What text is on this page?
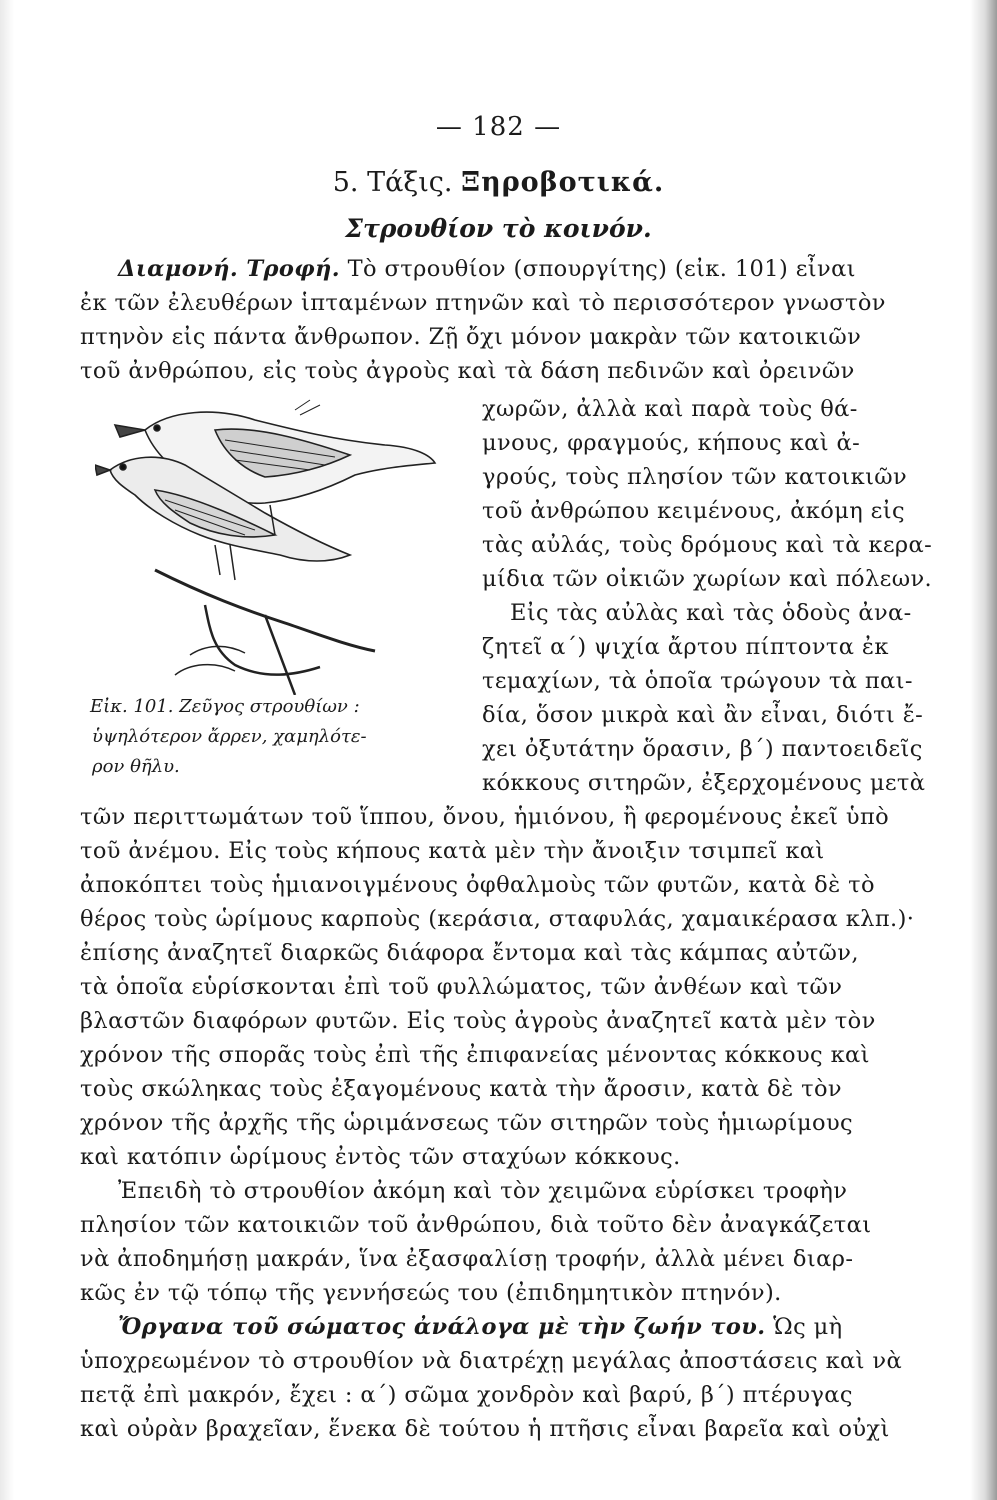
— 182 —
5. Τάξις. Ξηροβοτικά.
Στρουθίον τὸ κοινόν.
Διαμονή. Τροφή. Τὸ στρουθίον (σπουργίτης) (εἰκ. 101) εἶναι
ἐκ τῶν ἐλευθέρων ἱπταμένων πτηνῶν καὶ τὸ περισσότερον γνωστὸν
πτηνὸν εἰς πάντα ἄνθρωπον. Ζῇ ὄχι μόνον μακρὰν τῶν κατοικιῶν
τοῦ ἀνθρώπου, εἰς τοὺς ἀγροὺς καὶ τὰ δάση πεδινῶν καὶ ὀρεινῶν
Εἰκ. 101. Ζεῦγος στρουθίων :
ὑψηλότερον ἄρρεν, χαμηλότε-
ρον θῆλυ.
χωρῶν, ἀλλὰ καὶ παρὰ τοὺς θά-
μνους, φραγμούς, κήπους καὶ ἀ-
γρούς, τοὺς πλησίον τῶν κατοικιῶν
τοῦ ἀνθρώπου κειμένους, ἀκόμη εἰς
τὰς αὐλάς, τοὺς δρόμους καὶ τὰ κερα-
μίδια τῶν οἰκιῶν χωρίων καὶ πόλεων.
Εἰς τὰς αὐλὰς καὶ τὰς ὁδοὺς ἀνα-
ζητεῖ α΄) ψιχία ἄρτου πίπτοντα ἐκ
τεμαχίων, τὰ ὁποῖα τρώγουν τὰ παι-
δία, ὅσον μικρὰ καὶ ἂν εἶναι, διότι ἔ-
χει ὀξυτάτην ὅρασιν, β΄) παντοειδεῖς
κόκκους σιτηρῶν, ἐξερχομένους μετὰ
τῶν περιττωμάτων τοῦ ἵππου, ὄνου, ἡμιόνου, ἢ φερομένους ἐκεῖ ὑπὸ
τοῦ ἀνέμου. Εἰς τοὺς κήπους κατὰ μὲν τὴν ἄνοιξιν τσιμπεῖ καὶ
ἀποκόπτει τοὺς ἡμιανοιγμένους ὀφθαλμοὺς τῶν φυτῶν, κατὰ δὲ τὸ
θέρος τοὺς ὡρίμους καρποὺς (κεράσια, σταφυλάς, χαμαικέρασα κλπ.)·
ἐπίσης ἀναζητεῖ διαρκῶς διάφορα ἔντομα καὶ τὰς κάμπας αὐτῶν,
τὰ ὁποῖα εὑρίσκονται ἐπὶ τοῦ φυλλώματος, τῶν ἀνθέων καὶ τῶν
βλαστῶν διαφόρων φυτῶν. Εἰς τοὺς ἀγροὺς ἀναζητεῖ κατὰ μὲν τὸν
χρόνον τῆς σπορᾶς τοὺς ἐπὶ τῆς ἐπιφανείας μένοντας κόκκους καὶ
τοὺς σκώληκας τοὺς ἐξαγομένους κατὰ τὴν ἄροσιν, κατὰ δὲ τὸν
χρόνον τῆς ἀρχῆς τῆς ὡριμάνσεως τῶν σιτηρῶν τοὺς ἡμιωρίμους
καὶ κατόπιν ὡρίμους ἐντὸς τῶν σταχύων κόκκους.
Ἐπειδὴ τὸ στρουθίον ἀκόμη καὶ τὸν χειμῶνα εὑρίσκει τροφὴν
πλησίον τῶν κατοικιῶν τοῦ ἀνθρώπου, διὰ τοῦτο δὲν ἀναγκάζεται
νὰ ἀποδημήσῃ μακράν, ἵνα ἐξασφαλίσῃ τροφήν, ἀλλὰ μένει διαρ-
κῶς ἐν τῷ τόπῳ τῆς γεννήσεώς του (ἐπιδημητικὸν πτηνόν).
Ὄργανα τοῦ σώματος ἀνάλογα μὲ τὴν ζωήν του. Ὡς μὴ
ὑποχρεωμένον τὸ στρουθίον νὰ διατρέχῃ μεγάλας ἀποστάσεις καὶ νὰ
πετᾷ ἐπὶ μακρόν, ἔχει : α΄) σῶμα χονδρὸν καὶ βαρύ, β΄) πτέρυγας
καὶ οὐρὰν βραχεῖαν, ἕνεκα δὲ τούτου ἡ πτῆσις εἶναι βαρεῖα καὶ οὐχὶ
